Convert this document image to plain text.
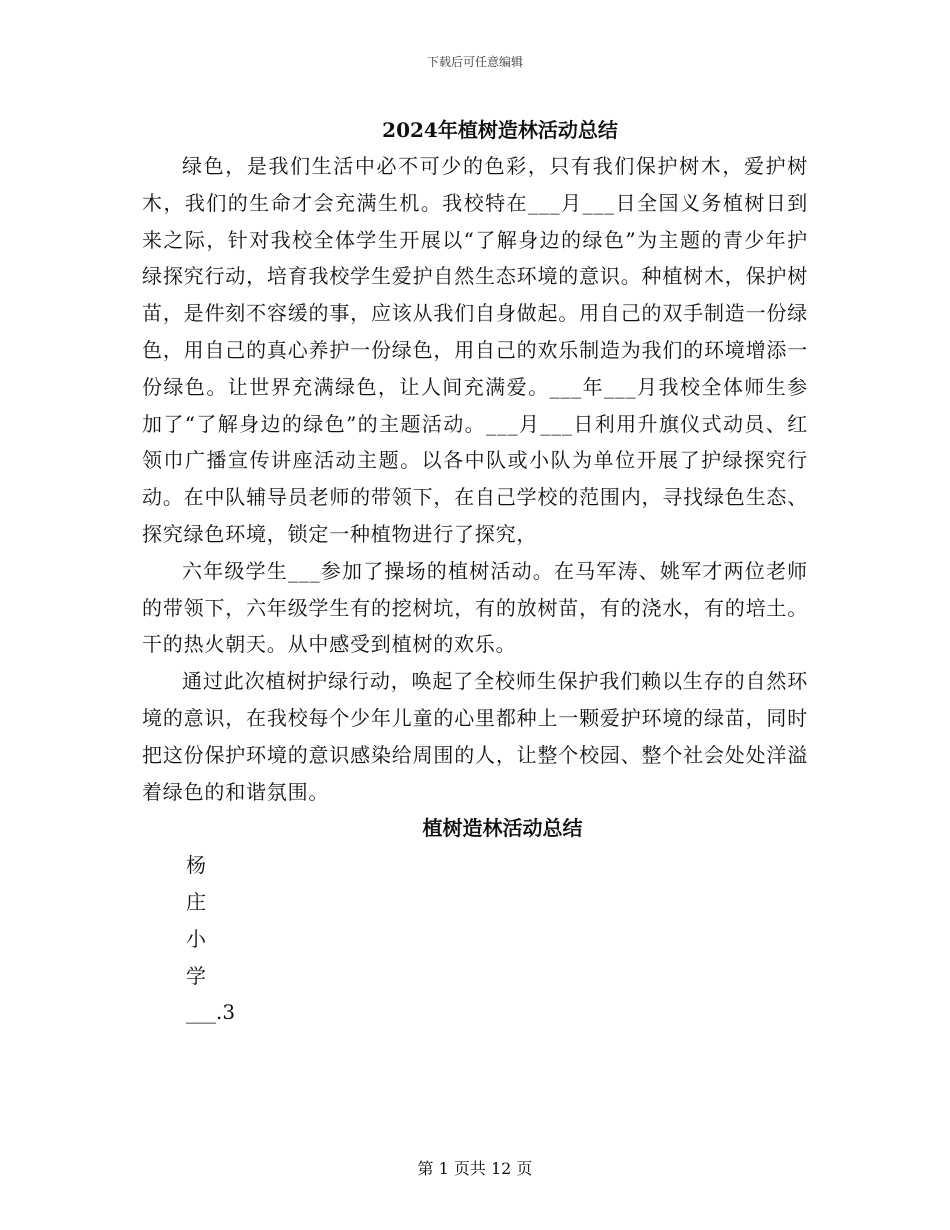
下载后可任意编辑
2024年植树造林活动总结

绿色，是我们生活中必不可少的色彩，只有我们保护树木，爱护树木，我们的生命才会充满生机。我校特在___月___日全国义务植树日到来之际，针对我校全体学生开展以“了解身边的绿色”为主题的青少年护绿探究行动，培育我校学生爱护自然生态环境的意识。种植树木，保护树苗，是件刻不容缓的事，应该从我们自身做起。用自己的双手制造一份绿色，用自己的真心养护一份绿色，用自己的欢乐制造为我们的环境增添一份绿色。让世界充满绿色，让人间充满爱。___年___月我校全体师生参加了“了解身边的绿色”的主题活动。___月___日利用升旗仪式动员、红领巾广播宣传讲座活动主题。以各中队或小队为单位开展了护绿探究行动。在中队辅导员老师的带领下，在自己学校的范围内，寻找绿色生态、探究绿色环境，锁定一种植物进行了探究，

六年级学生___参加了操场的植树活动。在马军涛、姚军才两位老师的带领下，六年级学生有的挖树坑，有的放树苗，有的浇水，有的培土。干的热火朝天。从中感受到植树的欢乐。

通过此次植树护绿行动，唤起了全校师生保护我们赖以生存的自然环境的意识，在我校每个少年儿童的心里都种上一颗爱护环境的绿苗，同时把这份保护环境的意识感染给周围的人，让整个校园、整个社会处处洋溢着绿色的和谐氛围。

植树造林活动总结

杨

庄

小

学

___.3

第 1 页共 12 页
